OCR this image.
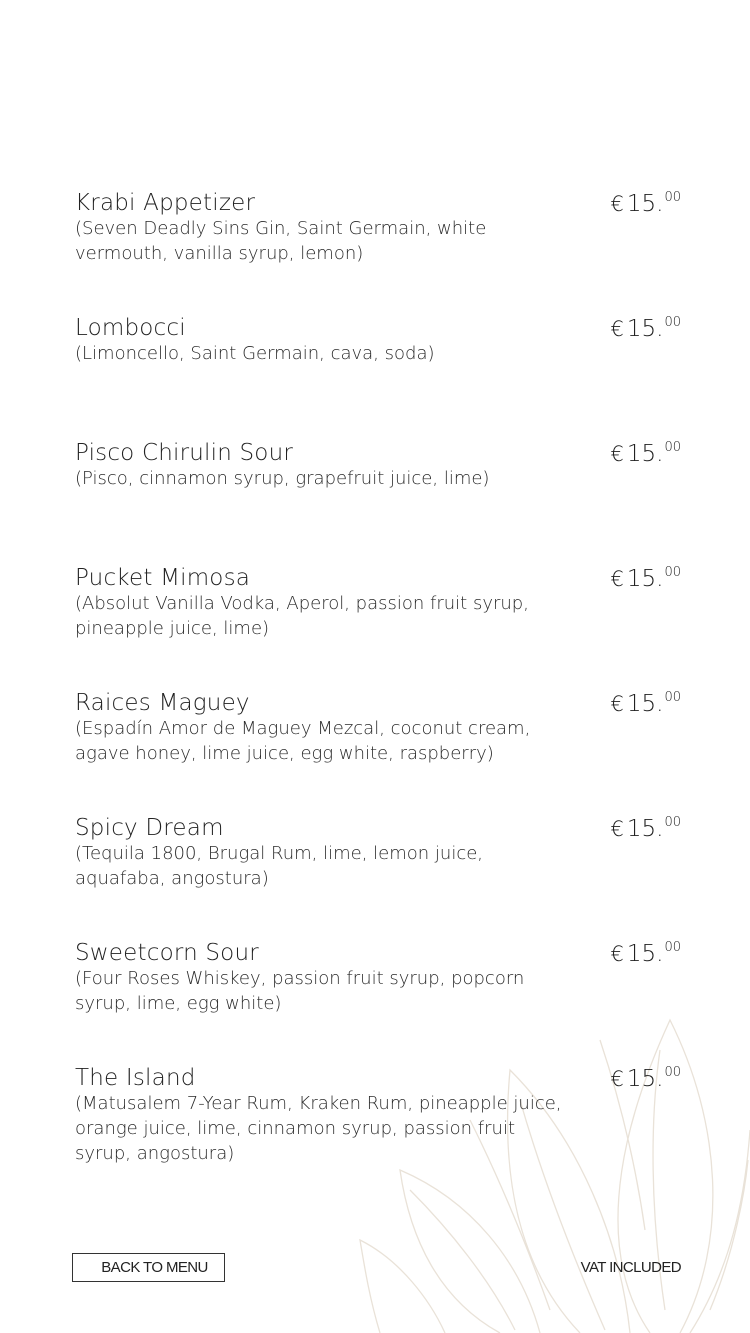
Krabi Appetizer
(Seven Deadly Sins Gin, Saint Germain, white vermouth, vanilla syrup, lemon)
€ 15.00
Lombocci
(Limoncello, Saint Germain, cava, soda)
€ 15.00
Pisco Chirulin Sour
(Pisco, cinnamon syrup, grapefruit juice, lime)
€ 15.00
Pucket Mimosa
(Absolut Vanilla Vodka, Aperol, passion fruit syrup, pineapple juice, lime)
€ 15.00
Raices Maguey
(Espadín Amor de Maguey Mezcal, coconut cream, agave honey, lime juice, egg white, raspberry)
€ 15.00
Spicy Dream
(Tequila 1800, Brugal Rum, lime, lemon juice, aquafaba, angostura)
€ 15.00
Sweetcorn Sour
(Four Roses Whiskey, passion fruit syrup, popcorn syrup, lime, egg white)
€ 15.00
The Island
(Matusalem 7-Year Rum, Kraken Rum, pineapple juice, orange juice, lime, cinnamon syrup, passion fruit syrup, angostura)
€ 15.00
BACK TO MENU	VAT INCLUDED
